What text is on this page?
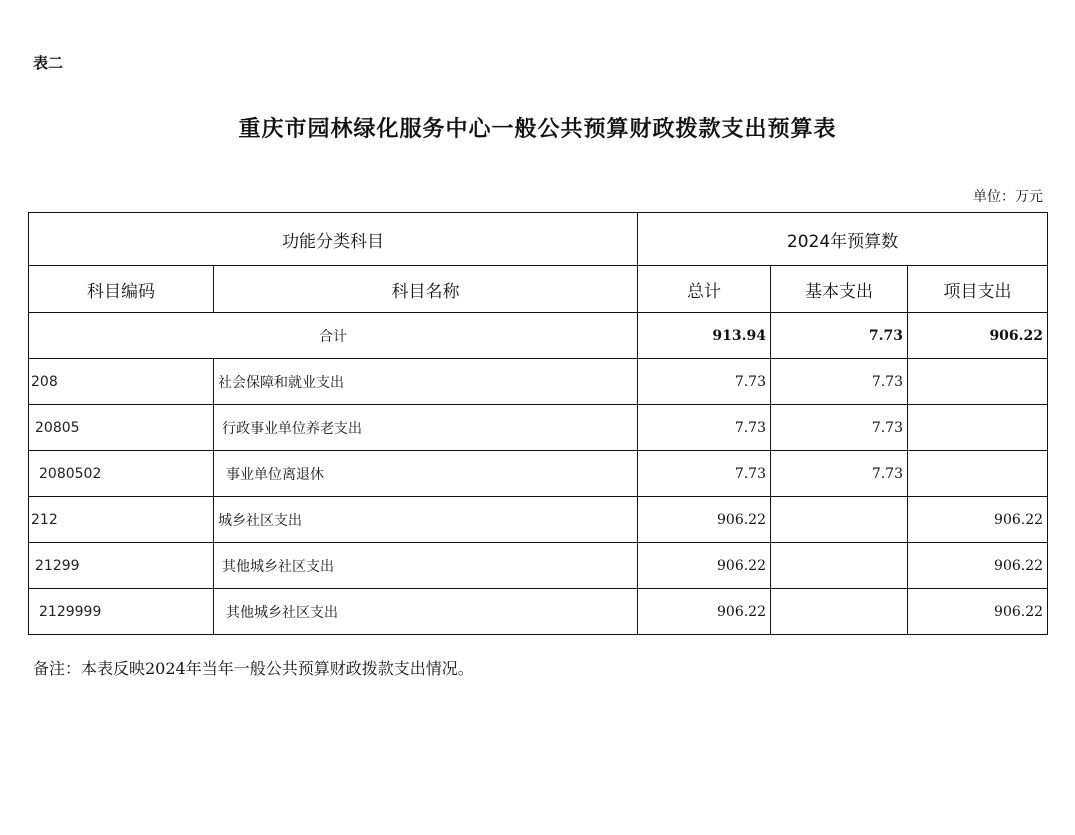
表二
重庆市园林绿化服务中心一般公共预算财政拨款支出预算表
单位：万元
功能分类科目		2024年预算数		
科目编码	科目名称	总计	基本支出	项目支出
合计		913.94	7.73	906.22
208	社会保障和就业支出	7.73	7.73	
20805	行政事业单位养老支出	7.73	7.73	
2080502	事业单位离退休	7.73	7.73	
212	城乡社区支出	906.22		906.22
21299	其他城乡社区支出	906.22		906.22
2129999	其他城乡社区支出	906.22		906.22
备注：本表反映2024年当年一般公共预算财政拨款支出情况。
